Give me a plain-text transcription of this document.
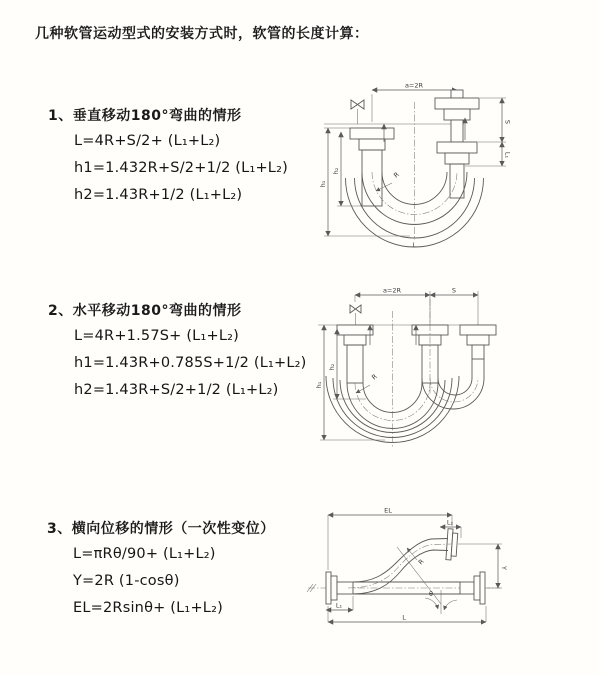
几种软管运动型式的安装方式时，软管的长度计算：
1、垂直移动180°弯曲的情形
L=4R+S/2+ (L₁+L₂)
h1=1.432R+S/2+1/2 (L₁+L₂)
h2=1.43R+1/2 (L₁+L₂)
2、水平移动180°弯曲的情形
L=4R+1.57S+ (L₁+L₂)
h1=1.43R+0.785S+1/2 (L₁+L₂)
h2=1.43R+S/2+1/2 (L₁+L₂)
3、横向位移的情形（一次性变位）
L=πRθ/90+ (L₁+L₂)
Y=2R (1-cosθ)
EL=2Rsinθ+ (L₁+L₂)
a=2R
h₁
h₂
S
L₁
R
L
a=2R	S
h₁
h₂
R
EL
L₂
Y
R
θ
L
L₁
